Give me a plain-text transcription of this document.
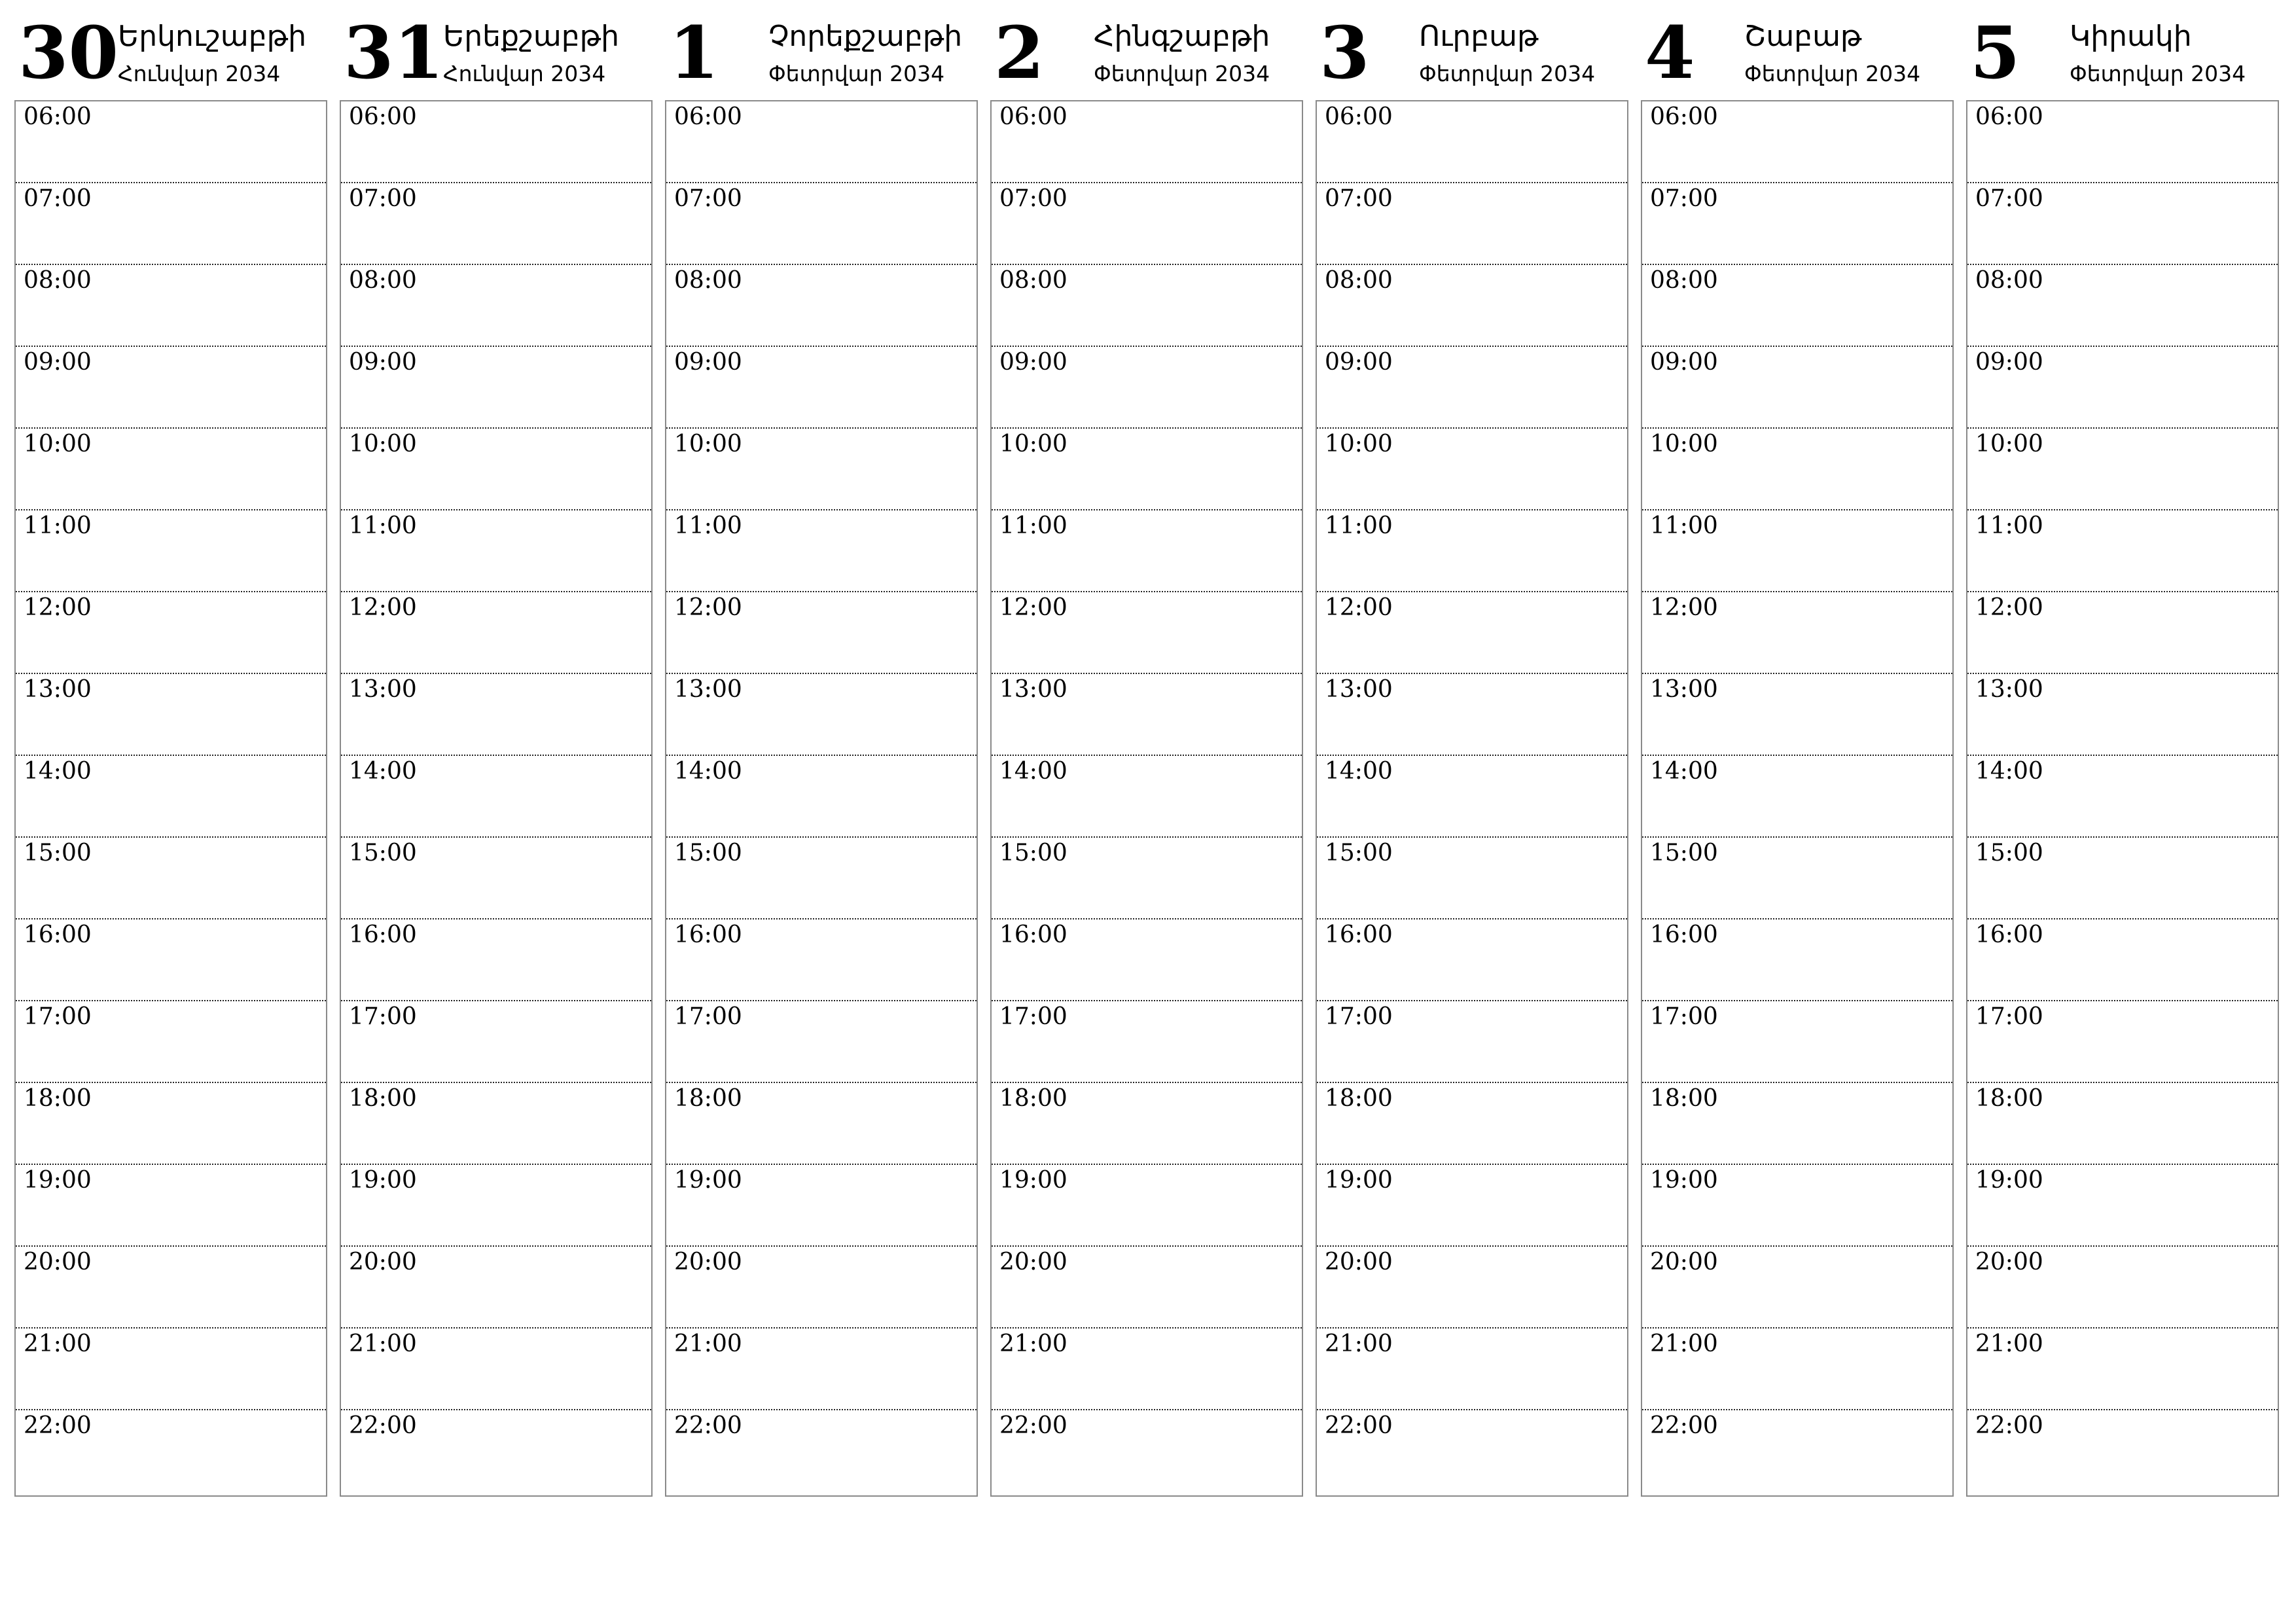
30
Երկուշաբթի
Հունվար 2034
06:00
07:00
08:00
09:00
10:00
11:00
12:00
13:00
14:00
15:00
16:00
17:00
18:00
19:00
20:00
21:00
22:00
31
Երեքշաբթի
Հունվար 2034
06:00
07:00
08:00
09:00
10:00
11:00
12:00
13:00
14:00
15:00
16:00
17:00
18:00
19:00
20:00
21:00
22:00
1 Չորեքշաբթի
Փետրվար 2034
06:00
07:00
08:00
09:00
10:00
11:00
12:00
13:00
14:00
15:00
16:00
17:00
18:00
19:00
20:00
21:00
22:00
2 Հինգշաբթի
Փետրվար 2034
06:00
07:00
08:00
09:00
10:00
11:00
12:00
13:00
14:00
15:00
16:00
17:00
18:00
19:00
20:00
21:00
22:00
3 Ուրբաթ
Փետրվար 2034
06:00
07:00
08:00
09:00
10:00
11:00
12:00
13:00
14:00
15:00
16:00
17:00
18:00
19:00
20:00
21:00
22:00
4 Շաբաթ
Փետրվար 2034
06:00
07:00
08:00
09:00
10:00
11:00
12:00
13:00
14:00
15:00
16:00
17:00
18:00
19:00
20:00
21:00
22:00
5 Կիրակի
Փետրվար 2034
06:00
07:00
08:00
09:00
10:00
11:00
12:00
13:00
14:00
15:00
16:00
17:00
18:00
19:00
20:00
21:00
22:00
